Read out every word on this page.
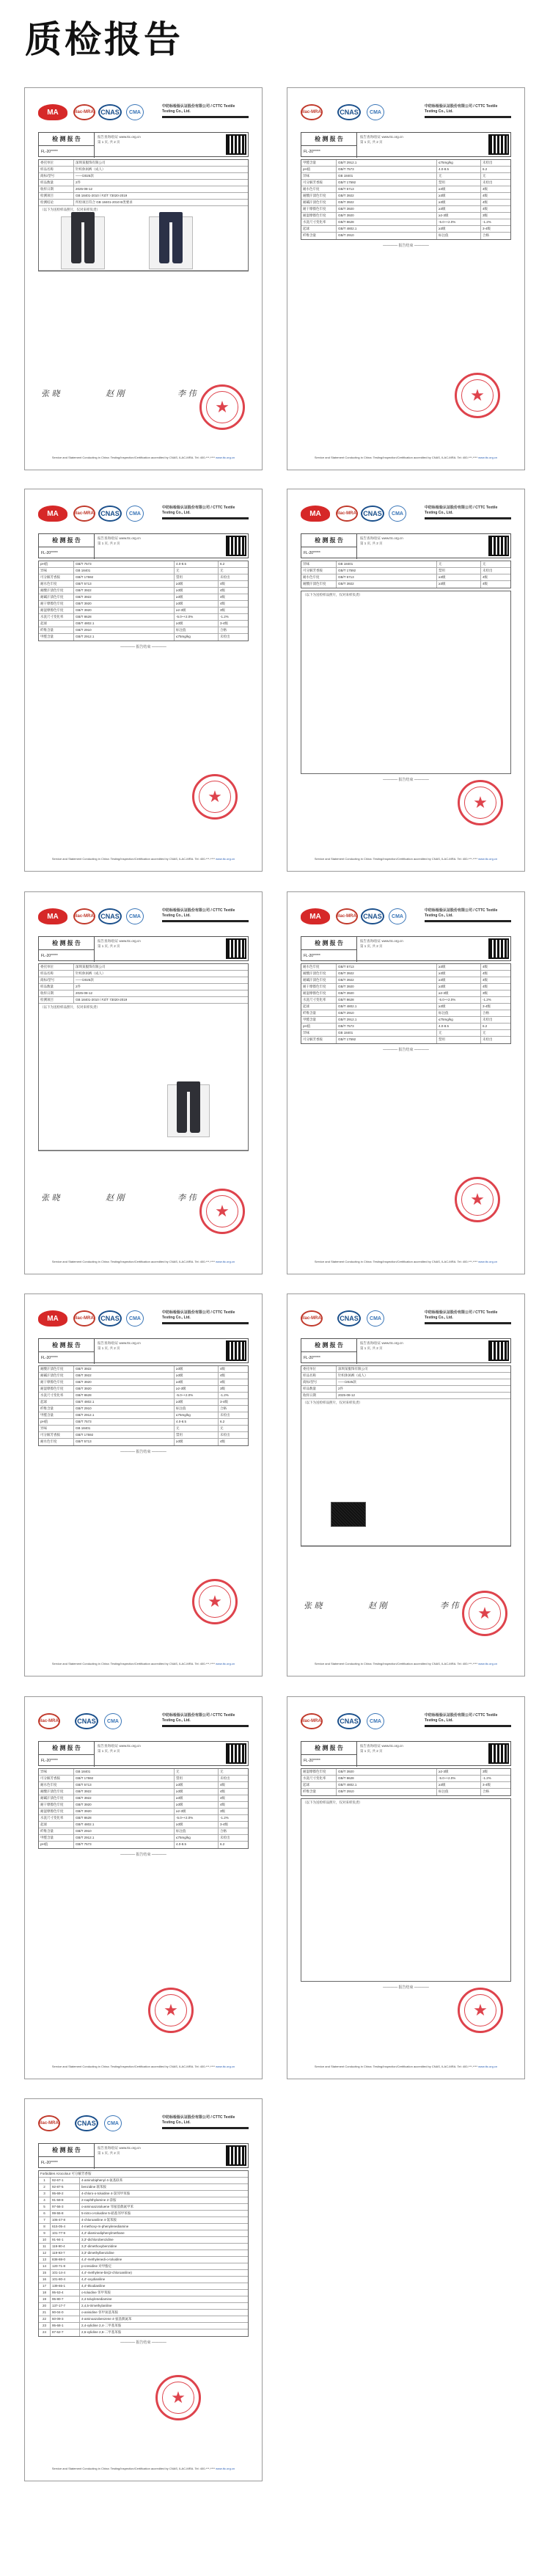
质检报告
MA	ilac-MRA	CNAS	CMA
中纺标检验认证股份有限公司 / CTTC Textile Testing Co., Ltd.
检 测 报 告
FL-20*****
报告查询/验证 www.ttc.org.cn
第 1 页, 共 2 页
委托单位	深圳某服饰有限公司
样品名称	针织休闲裤（成人）
商标/型号	——/2025款
样品数量	2件
收样日期	2025-08-12
检测项目	GB 18401-2010 / FZ/T 73020-2019
检测结论	所检项目符合 GB 18401-2010 B类要求
（以下为送检样品照片，仅对来样负责）
张 晓	赵 刚	李 伟
★
Service and Statement Conducting in China: Testing/Inspection/Certification accredited by CNAS, ILAC-MRA. Tel: 400-***-**** www.ttc.org.cn
ilac-MRA	CNAS	CMA
中纺标检验认证股份有限公司 / CTTC Textile Testing Co., Ltd.
检 测 报 告
FL-20*****
报告查询/验证 www.ttc.org.cn
第 1 页, 共 2 页
甲醛含量	GB/T 2912.1	≤75mg/kg	未检出
pH值	GB/T 7573	4.0-8.5	6.2
异味	GB 18401	无	无
可分解芳香胺	GB/T 17592	禁用	未检出
耐水色牢度	GB/T 5713	≥3级	4级
耐酸汗渍色牢度	GB/T 3922	≥3级	4级
耐碱汗渍色牢度	GB/T 3922	≥3级	4级
耐干摩擦色牢度	GB/T 3920	≥3级	4级
耐湿摩擦色牢度	GB/T 3920	≥2-3级	3级
水洗尺寸变化率	GB/T 8628	-5.0~+2.0%	-1.2%
起球	GB/T 4802.1	≥3级	3-4级
纤维含量	GB/T 2910	标注值	合格
———— 报告结束 ————
★
Service and Statement Conducting in China: Testing/Inspection/Certification accredited by CNAS, ILAC-MRA. Tel: 400-***-**** www.ttc.org.cn
MA	ilac-MRA	CNAS	CMA
中纺标检验认证股份有限公司 / CTTC Textile Testing Co., Ltd.
检 测 报 告
FL-20*****
报告查询/验证 www.ttc.org.cn
第 1 页, 共 2 页
pH值	GB/T 7573	4.0-8.5	6.2
异味	GB 18401	无	无
可分解芳香胺	GB/T 17592	禁用	未检出
耐水色牢度	GB/T 5713	≥3级	4级
耐酸汗渍色牢度	GB/T 3922	≥3级	4级
耐碱汗渍色牢度	GB/T 3922	≥3级	4级
耐干摩擦色牢度	GB/T 3920	≥3级	4级
耐湿摩擦色牢度	GB/T 3920	≥2-3级	3级
水洗尺寸变化率	GB/T 8628	-5.0~+2.0%	-1.2%
起球	GB/T 4802.1	≥3级	3-4级
纤维含量	GB/T 2910	标注值	合格
甲醛含量	GB/T 2912.1	≤75mg/kg	未检出
———— 报告结束 ————
★
Service and Statement Conducting in China: Testing/Inspection/Certification accredited by CNAS, ILAC-MRA. Tel: 400-***-**** www.ttc.org.cn
MA	ilac-MRA	CNAS	CMA
中纺标检验认证股份有限公司 / CTTC Textile Testing Co., Ltd.
检 测 报 告
FL-20*****
报告查询/验证 www.ttc.org.cn
第 1 页, 共 2 页
异味	GB 18401	无	无
可分解芳香胺	GB/T 17592	禁用	未检出
耐水色牢度	GB/T 5713	≥3级	4级
耐酸汗渍色牢度	GB/T 3922	≥3级	4级
（以下为送检样品照片，仅对来样负责）
———— 报告结束 ————
★
Service and Statement Conducting in China: Testing/Inspection/Certification accredited by CNAS, ILAC-MRA. Tel: 400-***-**** www.ttc.org.cn
MA	ilac-MRA	CNAS	CMA
中纺标检验认证股份有限公司 / CTTC Textile Testing Co., Ltd.
检 测 报 告
FL-20*****
报告查询/验证 www.ttc.org.cn
第 1 页, 共 2 页
委托单位	深圳某服饰有限公司
样品名称	针织休闲裤（成人）
商标/型号	——/2025款
样品数量	2件
收样日期	2025-08-12
检测项目	GB 18401-2010 / FZ/T 73020-2019
（以下为送检样品照片，仅对来样负责）
张 晓	赵 刚	李 伟
★
Service and Statement Conducting in China: Testing/Inspection/Certification accredited by CNAS, ILAC-MRA. Tel: 400-***-**** www.ttc.org.cn
MA	ilac-MRA	CNAS	CMA
中纺标检验认证股份有限公司 / CTTC Textile Testing Co., Ltd.
检 测 报 告
FL-20*****
报告查询/验证 www.ttc.org.cn
第 1 页, 共 2 页
耐水色牢度	GB/T 5713	≥3级	4级
耐酸汗渍色牢度	GB/T 3922	≥3级	4级
耐碱汗渍色牢度	GB/T 3922	≥3级	4级
耐干摩擦色牢度	GB/T 3920	≥3级	4级
耐湿摩擦色牢度	GB/T 3920	≥2-3级	3级
水洗尺寸变化率	GB/T 8628	-5.0~+2.0%	-1.2%
起球	GB/T 4802.1	≥3级	3-4级
纤维含量	GB/T 2910	标注值	合格
甲醛含量	GB/T 2912.1	≤75mg/kg	未检出
pH值	GB/T 7573	4.0-8.5	6.2
异味	GB 18401	无	无
可分解芳香胺	GB/T 17592	禁用	未检出
———— 报告结束 ————
★
Service and Statement Conducting in China: Testing/Inspection/Certification accredited by CNAS, ILAC-MRA. Tel: 400-***-**** www.ttc.org.cn
MA	ilac-MRA	CNAS	CMA
中纺标检验认证股份有限公司 / CTTC Textile Testing Co., Ltd.
检 测 报 告
FL-20*****
报告查询/验证 www.ttc.org.cn
第 1 页, 共 2 页
耐酸汗渍色牢度	GB/T 3922	≥3级	4级
耐碱汗渍色牢度	GB/T 3922	≥3级	4级
耐干摩擦色牢度	GB/T 3920	≥3级	4级
耐湿摩擦色牢度	GB/T 3920	≥2-3级	3级
水洗尺寸变化率	GB/T 8628	-5.0~+2.0%	-1.2%
起球	GB/T 4802.1	≥3级	3-4级
纤维含量	GB/T 2910	标注值	合格
甲醛含量	GB/T 2912.1	≤75mg/kg	未检出
pH值	GB/T 7573	4.0-8.5	6.2
异味	GB 18401	无	无
可分解芳香胺	GB/T 17592	禁用	未检出
耐水色牢度	GB/T 5713	≥3级	4级
———— 报告结束 ————
★
Service and Statement Conducting in China: Testing/Inspection/Certification accredited by CNAS, ILAC-MRA. Tel: 400-***-**** www.ttc.org.cn
ilac-MRA	CNAS	CMA
中纺标检验认证股份有限公司 / CTTC Textile Testing Co., Ltd.
检 测 报 告
FL-20*****
报告查询/验证 www.ttc.org.cn
第 1 页, 共 2 页
委托单位	深圳某服饰有限公司
样品名称	针织休闲裤（成人）
商标/型号	——/2025款
样品数量	2件
收样日期	2025-08-12
（以下为送检样品照片，仅对来样负责）
张 晓	赵 刚	李 伟 ★
Service and Statement Conducting in China: Testing/Inspection/Certification accredited by CNAS, ILAC-MRA. Tel: 400-***-**** www.ttc.org.cn
ilac-MRA	CNAS	CMA
中纺标检验认证股份有限公司 / CTTC Textile Testing Co., Ltd.
检 测 报 告
FL-20*****
报告查询/验证 www.ttc.org.cn
第 1 页, 共 2 页
异味	GB 18401	无	无
可分解芳香胺	GB/T 17592	禁用	未检出
耐水色牢度	GB/T 5713	≥3级	4级
耐酸汗渍色牢度	GB/T 3922	≥3级	4级
耐碱汗渍色牢度	GB/T 3922	≥3级	4级
耐干摩擦色牢度	GB/T 3920	≥3级	4级
耐湿摩擦色牢度	GB/T 3920	≥2-3级	3级
水洗尺寸变化率	GB/T 8628	-5.0~+2.0%	-1.2%
起球	GB/T 4802.1	≥3级	3-4级
纤维含量	GB/T 2910	标注值	合格
甲醛含量	GB/T 2912.1	≤75mg/kg	未检出
pH值	GB/T 7573	4.0-8.5	6.2
———— 报告结束 ————
★
Service and Statement Conducting in China: Testing/Inspection/Certification accredited by CNAS, ILAC-MRA. Tel: 400-***-**** www.ttc.org.cn
ilac-MRA	CNAS	CMA
中纺标检验认证股份有限公司 / CTTC Textile Testing Co., Ltd.
检 测 报 告
FL-20*****
报告查询/验证 www.ttc.org.cn
第 1 页, 共 2 页
耐湿摩擦色牢度	GB/T 3920	≥2-3级	3级
水洗尺寸变化率	GB/T 8628	-5.0~+2.0%	-1.2%
起球	GB/T 4802.1	≥3级	3-4级
纤维含量	GB/T 2910	标注值	合格
（以下为送检样品照片，仅对来样负责）
———— 报告结束 ————
★
Service and Statement Conducting in China: Testing/Inspection/Certification accredited by CNAS, ILAC-MRA. Tel: 400-***-**** www.ttc.org.cn
ilac-MRA	CNAS	CMA
中纺标检验认证股份有限公司 / CTTC Textile Testing Co., Ltd.
检 测 报 告
FL-20*****
报告查询/验证 www.ttc.org.cn
第 1 页, 共 2 页
Forbidden Azocolour 可分解芳香胺
1	92-67-1	4-aminobiphenyl 4-氨基联苯
2	92-87-5	benzidine 联苯胺
3	95-69-2	4-chloro-o-toluidine 4-氯邻甲苯胺
4	91-59-8	2-naphthylamine 2-萘胺
5	97-56-3	o-aminoazotoluene 邻氨基偶氮甲苯
6	99-55-8	5-nitro-o-toluidine 5-硝基邻甲苯胺
7	106-47-8	4-chloroaniline 4-氯苯胺
8	615-05-4	4-methoxy-m-phenylenediamine
9	101-77-9	4,4'-diaminodiphenylmethane
10	91-94-1	3,3'-dichlorobenzidine
11	119-90-4	3,3'-dimethoxybenzidine
12	119-93-7	3,3'-dimethylbenzidine
13	838-88-0	4,4'-methylenedi-o-toluidine
14	120-71-8	p-cresidine 对甲酚定
15	101-14-4	4,4'-methylene-bis(2-chloroaniline)
16	101-80-4	4,4'-oxydianiline
17	139-65-1	4,4'-thiodianiline
18	95-53-4	o-toluidine 邻甲苯胺
19	95-80-7	2,4-toluylenediamine
20	137-17-7	2,4,5-trimethylaniline
21	90-04-0	o-anisidine 邻甲氧基苯胺
22	60-09-3	4-aminoazobenzene 4-氨基偶氮苯
23	95-68-1	2,4-xylidine 2,4-二甲基苯胺
24	87-62-7	2,6-xylidine 2,6-二甲基苯胺
———— 报告结束 ————
★
Service and Statement Conducting in China: Testing/Inspection/Certification accredited by CNAS, ILAC-MRA. Tel: 400-***-**** www.ttc.org.cn
